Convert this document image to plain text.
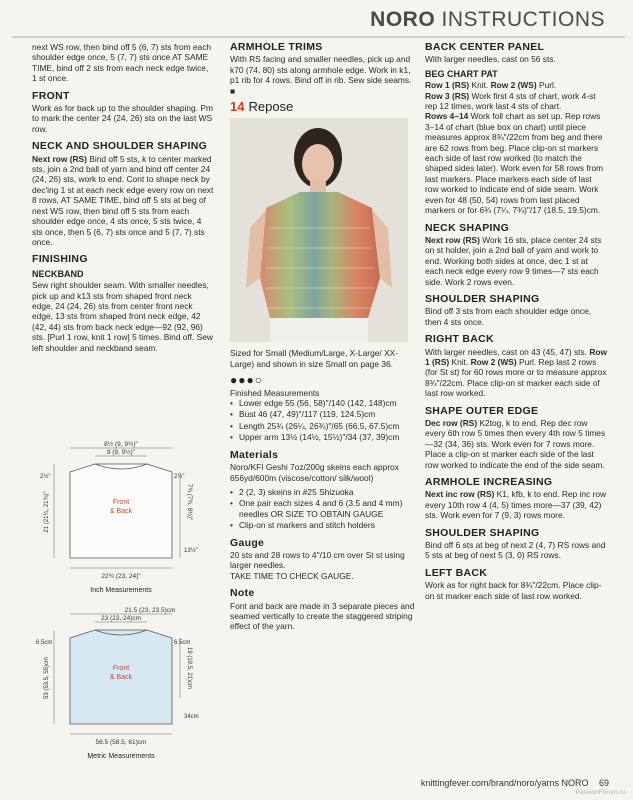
NORO INSTRUCTIONS

next WS row, then bind off 5 (6, 7) sts from each shoulder edge once, 5 (7, 7) sts once AT SAME TIME, bind off 2 sts from each neck edge twice, 1 st once.

FRONT

Work as for back up to the shoulder shaping. Pm to mark the center 24 (24, 26) sts on the last WS row.

NECK AND SHOULDER SHAPING

Next row (RS) Bind off 5 sts, k to center marked sts, join a 2nd ball of yarn and bind off center 24 (24, 26) sts, work to end. Cont to shape neck by dec'ing 1 st at each neck edge every row on next 8 rows, AT SAME TIME, bind off 5 sts at beg of next WS row, then bind off 5 sts from each shoulder edge once, 4 sts once, 5 sts twice, 4 sts once, then 5 (6, 7) sts once and 5 (7, 7) sts once.

FINISHING
NECKBAND

Sew right shoulder seam. With smaller needles, pick up and k13 sts from shaped front neck edge, 24 (24, 26) sts from center front neck edge, 13 sts from shaped front neck edge, 42 (42, 44) sts from back neck edge—92 (92, 96) sts. [Purl 1 row, knit 1 row] 5 times. Bind off. Sew left shoulder and neckband seam.

8½ (9, 9½)"
9 (9, 9½)"
2½"	2½"
21 (21¼, 21¾)"	7¾ (7¾, 8¾)"
13½"
Front
& Back
22¾ (23, 24)"
Inch Measurements
21.5 (23, 23.5)cm
23 (23, 24)cm
6.5cm	6.5cm
53 (53.5, 55)cm	19 (19.5, 21)cm
34cm
Front
& Back
56.5 (58.5, 61)cm
Metric Measurements
ARMHOLE TRIMS

With RS facing and smaller needles, pick up and k70 (74, 80) sts along armhole edge. Work in k1, p1 rib for 4 rows. Bind off in rib. Sew side seams. ■

14 Repose

Sized for Small (Medium/Large, X-Large/ XX-Large) and shown in size Small on page 36.

●●●○
Finished Measurements
• Lower edge 55 (56, 58)"/140 (142, 148)cm
• Bust 46 (47, 49)"/117 (119, 124.5)cm
• Length 25¾ (26¼, 26¾)"/65 (66.5, 67.5)cm
• Upper arm 13½ (14½, 15½)"/34 (37, 39)cm
Materials

Noro/KFI Geshi 7oz/200g skeins each approx 656yd/600m (viscose/cotton/ silk/wool)

• 2 (2, 3) skeins in #25 Shizuoka
• One pair each sizes 4 and 6 (3.5 and 4 mm) needles OR SIZE TO OBTAIN GAUGE
• Clip-on st markers and stitch holders
Gauge

20 sts and 28 rows to 4"/10 cm over St st using larger needles.

TAKE TIME TO CHECK GAUGE.

Note

Font and back are made in 3 separate pieces and seamed vertically to create the staggered striping effect of the yarn.

BACK CENTER PANEL

With larger needles, cast on 56 sts.

BEG CHART PAT

Row 1 (RS) Knit. Row 2 (WS) Purl.
Row 3 (RS) Work first 4 sts of chart, work 4-st rep 12 times, work last 4 sts of chart.
Rows 4–14 Work foll chart as set up. Rep rows 3–14 of chart (blue box on chart) until piece measures approx 8¾"/22cm from beg and there are 62 rows from beg. Place clip-on st markers each side of last row worked (to match the shaped sides later). Work even for 58 rows from last markers. Place markers each side of last row worked to indicate end of side seam. Work even for 48 (50, 54) rows from last placed markers or for 6¾ (7¼, 7¾)"/17 (18.5, 19.5)cm.

NECK SHAPING

Next row (RS) Work 16 sts, place center 24 sts on st holder, join a 2nd ball of yarn and work to end. Working both sides at once, dec 1 st at each neck edge every row 9 times—7 sts each side. Work 2 rows even.

SHOULDER SHAPING

Bind off 3 sts from each shoulder edge once, then 4 sts once.

RIGHT BACK

With larger needles, cast on 43 (45, 47) sts. Row 1 (RS) Knit. Row 2 (WS) Purl. Rep last 2 rows (for St st) for 60 rows more or to measure approx 8¾"/22cm. Place clip-on st marker each side of last row worked.

SHAPE OUTER EDGE

Dec row (RS) K2tog, k to end. Rep dec row every 6th row 5 times then every 4th row 5 times—32 (34, 36) sts. Work even for 7 rows more. Place a clip-on st marker each side of the last row worked to indicate the end of the side seam.

ARMHOLE INCREASING

Next inc row (RS) K1, kfb, k to end. Rep inc row every 10th row 4 (4, 5) times more—37 (39, 42) sts. Work even for 7 (9, 3) rows more.

SHOULDER SHAPING

Bind off 6 sts at beg of next 2 (4, 7) RS rows and 5 sts at beg of next 5 (3, 0) RS rows.

LEFT BACK

Work as for right back for 8¾"/22cm. Place clip-on st marker each side of last row worked.

knittingfever.com/brand/noro/yarns NORO 69
PassionForum.ru
